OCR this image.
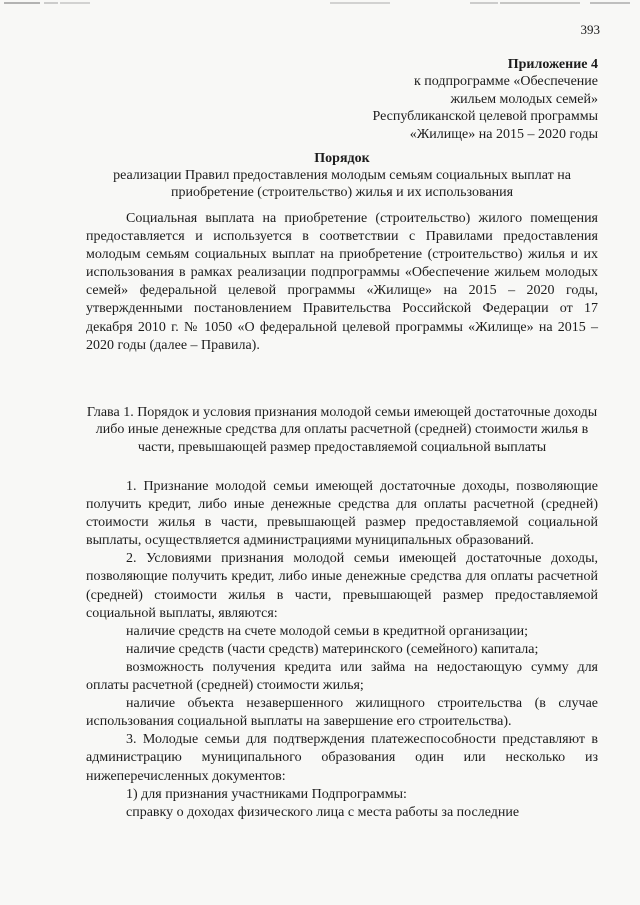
393
Приложение 4
к подпрограмме «Обеспечение
жильем молодых семей»
Республиканской целевой программы
«Жилище» на 2015 – 2020 годы
Порядок
реализации Правил предоставления молодым семьям социальных выплат на приобретение (строительство) жилья и их использования

Социальная выплата на приобретение (строительство) жилого помещения предоставляется и используется в соответствии с Правилами предоставления молодым семьям социальных выплат на приобретение (строительство) жилья и их использования в рамках реализации подпрограммы «Обеспечение жильем молодых семей» федеральной целевой программы «Жилище» на 2015 – 2020 годы, утвержденными постановлением Правительства Российской Федерации от 17 декабря 2010 г. № 1050 «О федеральной целевой программы «Жилище» на 2015 – 2020 годы (далее – Правила).

Глава 1. Порядок и условия признания молодой семьи имеющей достаточные доходы либо иные денежные средства для оплаты расчетной (средней) стоимости жилья в части, превышающей размер предоставляемой социальной выплаты

1. Признание молодой семьи имеющей достаточные доходы, позволяющие получить кредит, либо иные денежные средства для оплаты расчетной (средней) стоимости жилья в части, превышающей размер предоставляемой социальной выплаты, осуществляется администрациями муниципальных образований.

2. Условиями признания молодой семьи имеющей достаточные доходы, позволяющие получить кредит, либо иные денежные средства для оплаты расчетной (средней) стоимости жилья в части, превышающей размер предоставляемой социальной выплаты, являются:

наличие средств на счете молодой семьи в кредитной организации;

наличие средств (части средств) материнского (семейного) капитала;

возможность получения кредита или займа на недостающую сумму для оплаты расчетной (средней) стоимости жилья;

наличие объекта незавершенного жилищного строительства (в случае использования социальной выплаты на завершение его строительства).

3. Молодые семьи для подтверждения платежеспособности представляют в администрацию муниципального образования один или несколько из нижеперечисленных документов:

1) для признания участниками Подпрограммы:

справку о доходах физического лица с места работы за последние
